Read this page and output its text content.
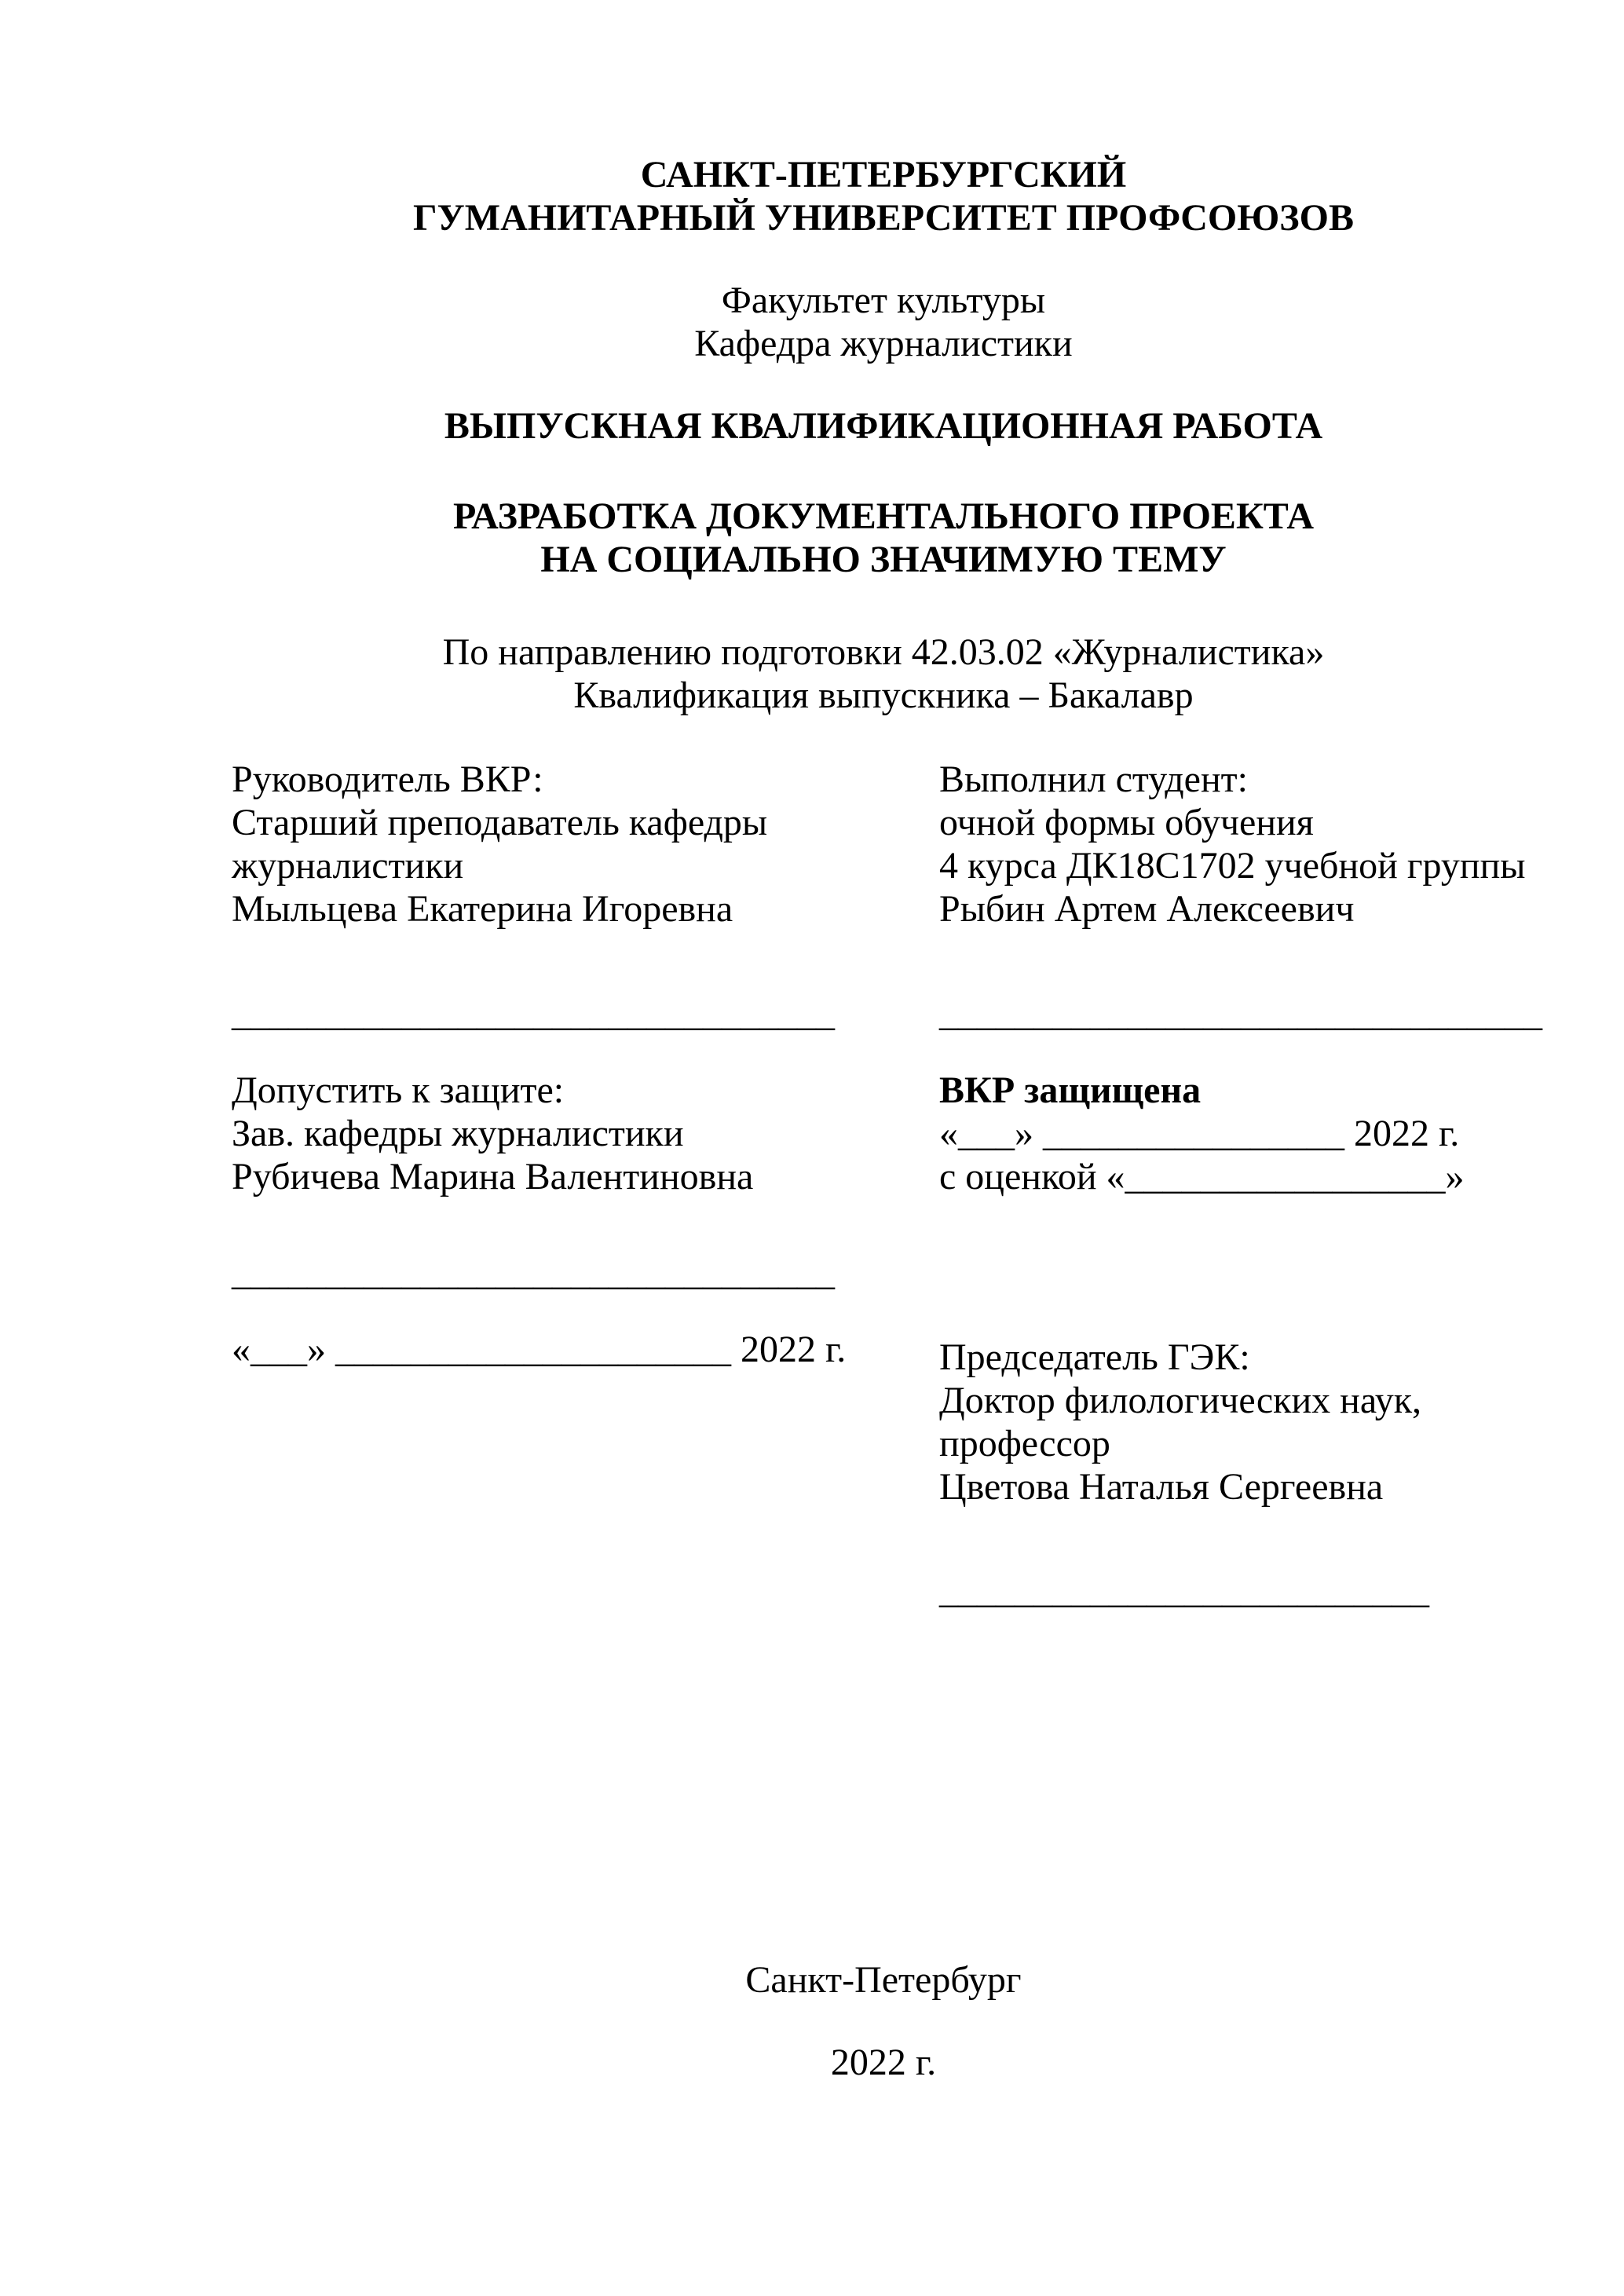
САНКТ-ПЕТЕРБУРГСКИЙ
ГУМАНИТАРНЫЙ УНИВЕРСИТЕТ ПРОФСОЮЗОВ
Факультет культуры
Кафедра журналистики
ВЫПУСКНАЯ КВАЛИФИКАЦИОННАЯ РАБОТА
РАЗРАБОТКА ДОКУМЕНТАЛЬНОГО ПРОЕКТА
НА СОЦИАЛЬНО ЗНАЧИМУЮ ТЕМУ
По направлению подготовки 42.03.02 «Журналистика»
Квалификация выпускника – Бакалавр
Руководитель ВКР:
Старший преподаватель кафедры
журналистики
Мыльцева Екатерина Игоревна
________________________________
Допустить к защите:
Зав. кафедры журналистики
Рубичева Марина Валентиновна
________________________________
«___» _____________________ 2022 г.
Выполнил студент:
очной формы обучения
4 курса ДК18С1702 учебной группы
Рыбин Артем Алексеевич
________________________________
ВКР защищена
«___» ________________ 2022 г.
с оценкой «_________________»
Председатель ГЭК:
Доктор филологических наук,
профессор
Цветова Наталья Сергеевна
__________________________
Санкт-Петербург
2022 г.
